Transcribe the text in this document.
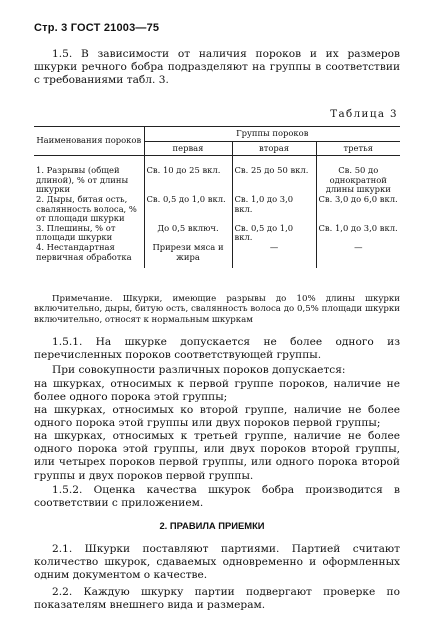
Стр. 3 ГОСТ 21003—75
1.5. В зависимости от наличия пороков и их размеров шкурки речного бобра подразделяют на группы в соответствии с требованиями табл. 3.
Таблица 3
Наименования пороков	Группы пороков		
	первая	вторая	третья
1. Разрывы (общей длиной), % от длины шкурки	Св. 10 до 25 вкл.	Св. 25 до 50 вкл.	Св. 50 до однократной длины шкурки
2. Дыры, битая ость, свалянность волоса, % от площади шкурки	Св. 0,5 до 1,0 вкл.	Св. 1,0 до 3,0 вкл.	Св. 3,0 до 6,0 вкл.
3. Плешины, % от площади шкурки	До 0,5 включ.	Св. 0,5 до 1,0 вкл.	Св. 1,0 до 3,0 вкл.
4. Нестандартная первичная обработка	Прирези мяса и жира	—	—
Примечание. Шкурки, имеющие разрывы до 10% длины шкурки включительно, дыры, битую ость, свалянность волоса до 0,5% площади шкурки включительно, относят к нормальным шкуркам
1.5.1. На шкурке допускается не более одного из перечисленных пороков соответствующей группы.
При совокупности различных пороков допускается:
на шкурках, относимых к первой группе пороков, наличие не более одного порока этой группы;
на шкурках, относимых ко второй группе, наличие не более одного порока этой группы или двух пороков первой группы;
на шкурках, относимых к третьей группе, наличие не более одного порока этой группы, или двух пороков второй группы, или четырех пороков первой группы, или одного порока второй группы и двух пороков первой группы.
1.5.2. Оценка качества шкурок бобра производится в соответствии с приложением.
2. ПРАВИЛА ПРИЕМКИ
2.1. Шкурки поставляют партиями. Партией считают количество шкурок, сдаваемых одновременно и оформленных одним документом о качестве.
2.2. Каждую шкурку партии подвергают проверке по показателям внешнего вида и размерам.
